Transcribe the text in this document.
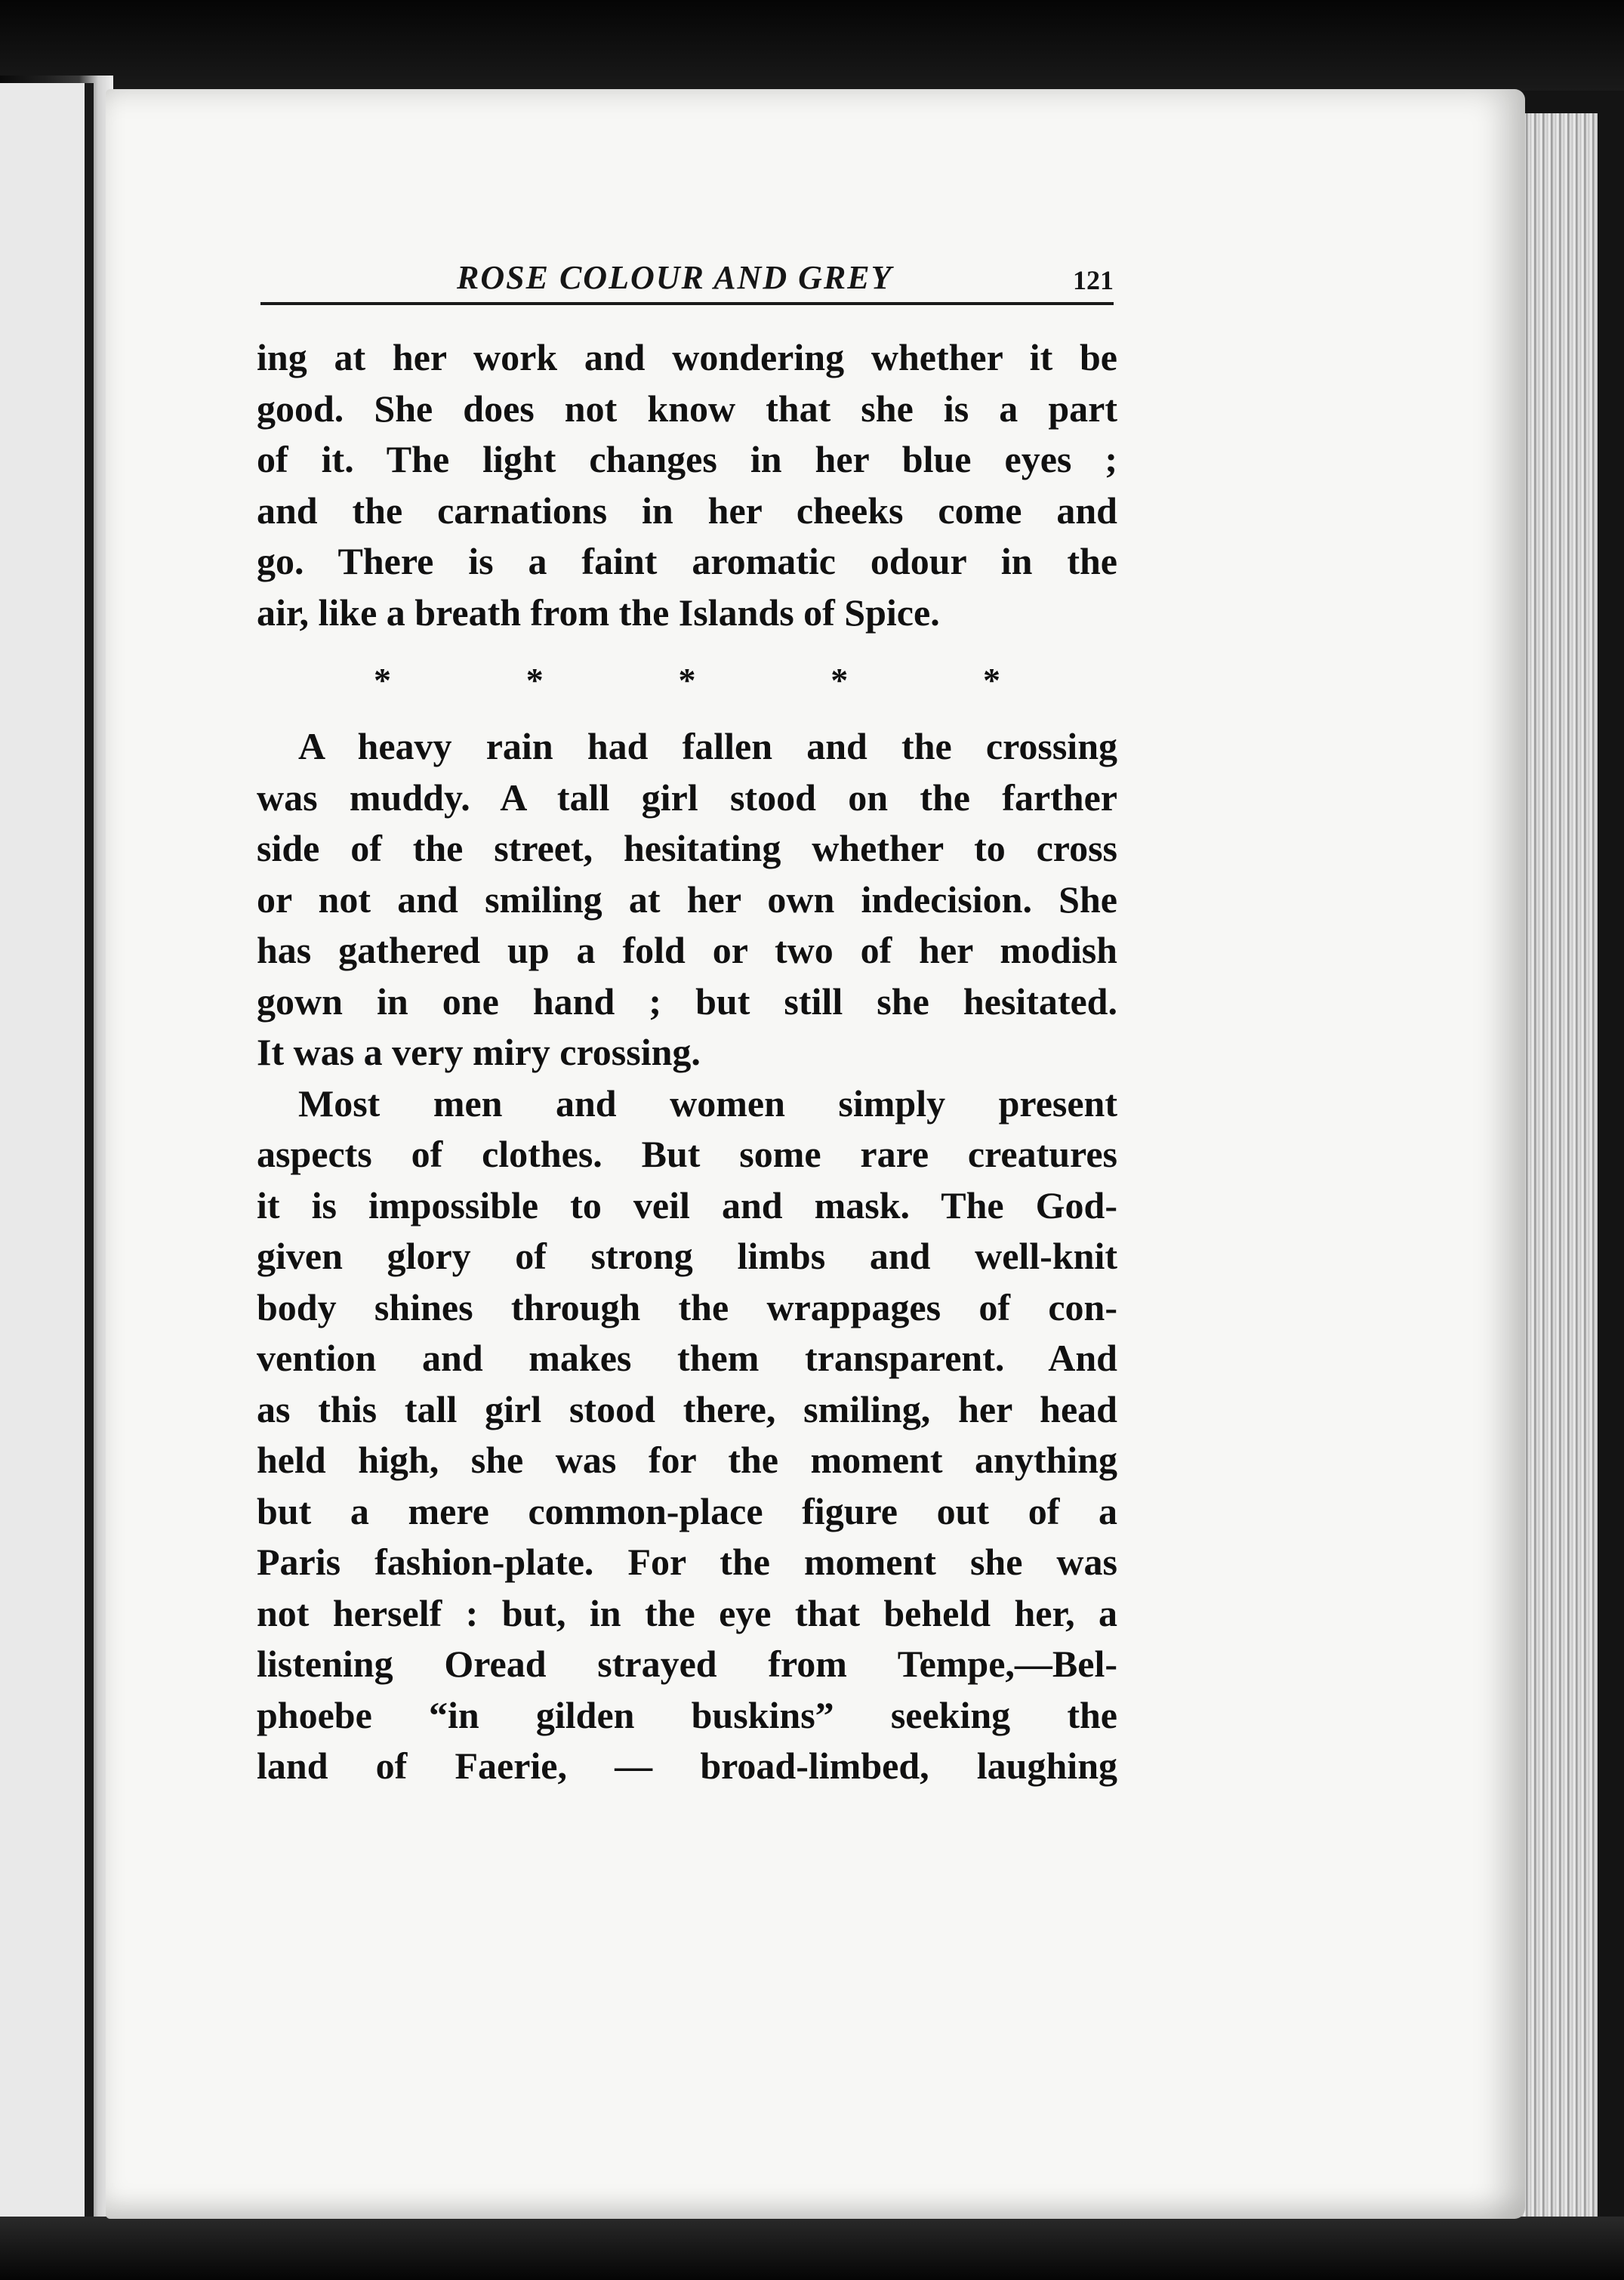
ROSE COLOUR AND GREY	121
ing at her work and wondering whether it be
good. She does not know that she is a part
of it. The light changes in her blue eyes ;
and the carnations in her cheeks come and
go. There is a faint aromatic odour in the
air, like a breath from the Islands of Spice.
*	*	*	*	*
A heavy rain had fallen and the crossing
was muddy. A tall girl stood on the farther
side of the street, hesitating whether to cross
or not and smiling at her own indecision. She
has gathered up a fold or two of her modish
gown in one hand ; but still she hesitated.
It was a very miry crossing.
Most men and women simply present
aspects of clothes. But some rare creatures
it is impossible to veil and mask. The God-
given glory of strong limbs and well-knit
body shines through the wrappages of con-
vention and makes them transparent. And
as this tall girl stood there, smiling, her head
held high, she was for the moment anything
but a mere common-place figure out of a
Paris fashion-plate. For the moment she was
not herself : but, in the eye that beheld her, a
listening Oread strayed from Tempe,—Bel-
phoebe “in gilden buskins” seeking the
land of Faerie, — broad-limbed, laughing
